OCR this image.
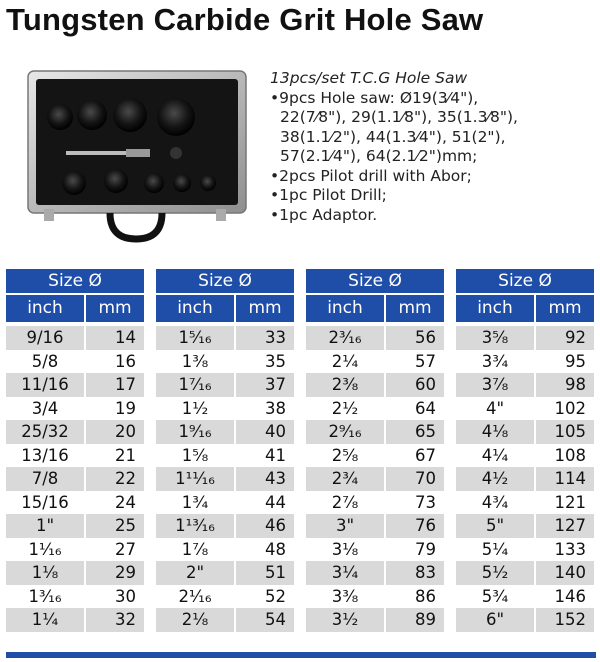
Tungsten Carbide Grit Hole Saw
13pcs/set T.C.G Hole Saw
•9pcs Hole saw: Ø19(3⁄4"),
22(7⁄8"), 29(1.1⁄8"), 35(1.3⁄8"),
38(1.1⁄2"), 44(1.3⁄4"), 51(2"),
57(2.1⁄4"), 64(2.1⁄2")mm;
•2pcs Pilot drill with Abor;
•1pc Pilot Drill;
•1pc Adaptor.
Size Ø
inch	mm
9/16	14
5/8	16
11/16	17
3/4	19
25/32	20
13/16	21
7/8	22
15/16	24
1"	25
1¹⁄₁₆	27
1¹⁄₈	29
1³⁄₁₆	30
1¹⁄₄	32
Size Ø
inch	mm
1⁵⁄₁₆	33
1³⁄₈	35
1⁷⁄₁₆	37
1¹⁄₂	38
1⁹⁄₁₆	40
1⁵⁄₈	41
1¹¹⁄₁₆	43
1³⁄₄	44
1¹³⁄₁₆	46
1⁷⁄₈	48
2"	51
2¹⁄₁₆	52
2¹⁄₈	54
Size Ø
inch	mm
2³⁄₁₆	56
2¹⁄₄	57
2³⁄₈	60
2¹⁄₂	64
2⁹⁄₁₆	65
2⁵⁄₈	67
2³⁄₄	70
2⁷⁄₈	73
3"	76
3¹⁄₈	79
3¹⁄₄	83
3³⁄₈	86
3¹⁄₂	89
Size Ø
inch	mm
3⁵⁄₈	92
3³⁄₄	95
3⁷⁄₈	98
4"	102
4¹⁄₈	105
4¹⁄₄	108
4¹⁄₂	114
4³⁄₄	121
5"	127
5¹⁄₄	133
5¹⁄₂	140
5³⁄₄	146
6"	152
